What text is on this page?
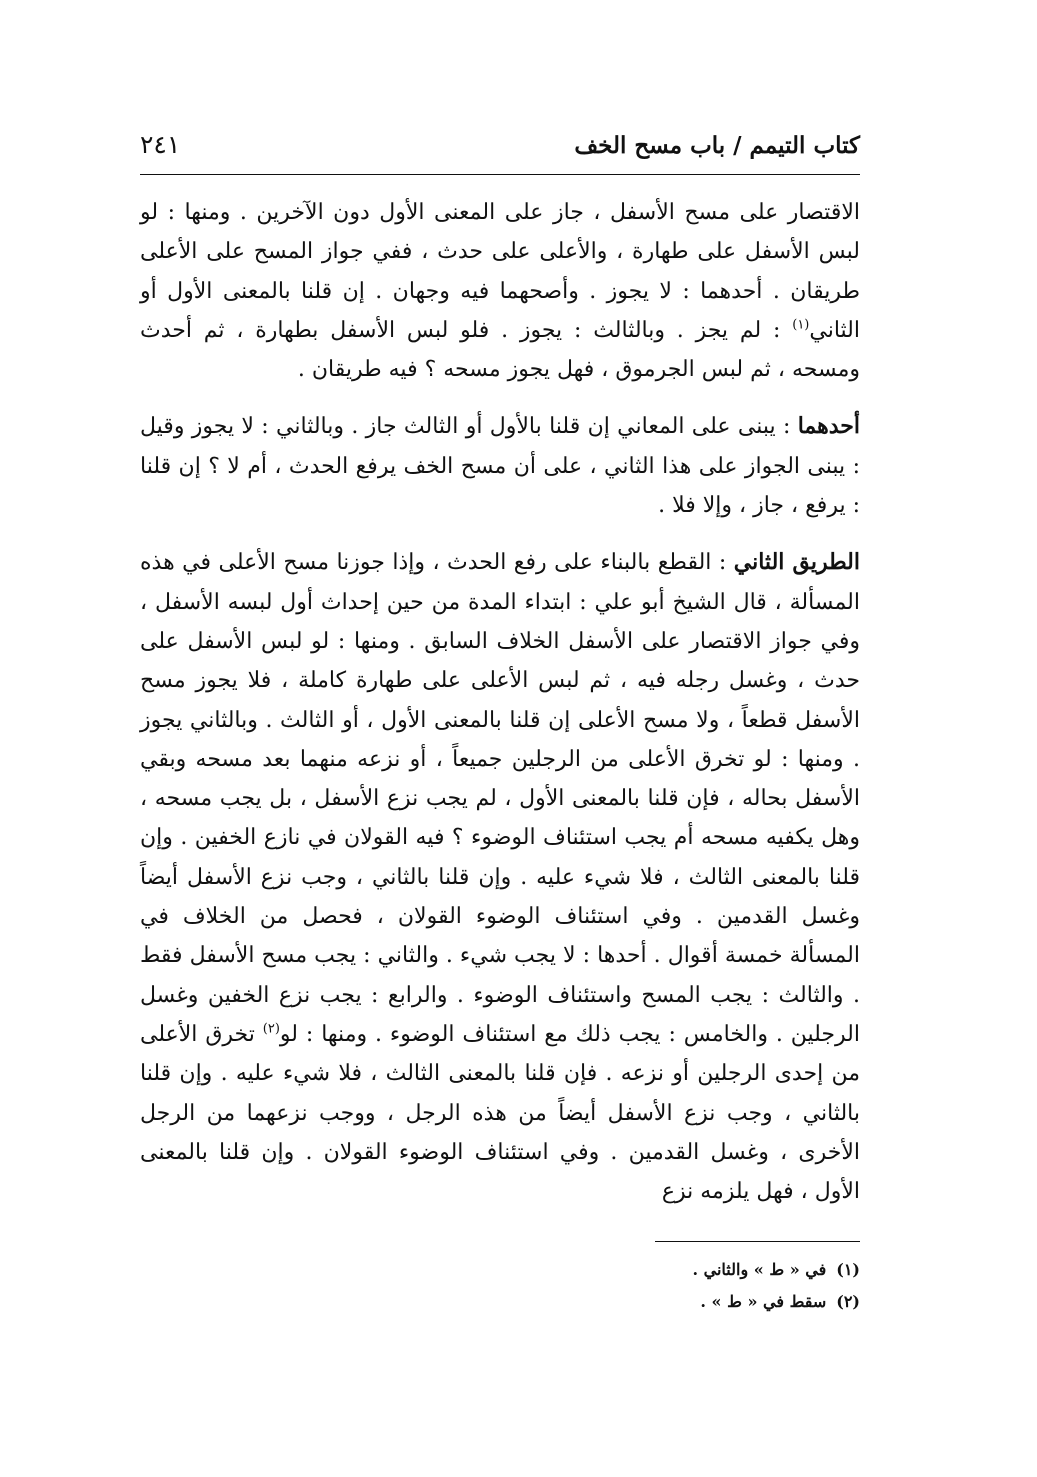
كتاب التيمم / باب مسح الخف
٢٤١

الاقتصار على مسح الأسفل ، جاز على المعنى الأول دون الآخرين . ومنها : لو لبس الأسفل على طهارة ، والأعلى على حدث ، ففي جواز المسح على الأعلى طريقان . أحدهما : لا يجوز . وأصحهما فيه وجهان . إن قلنا بالمعنى الأول أو الثاني$^{(١)}$ : لم يجز . وبالثالث : يجوز . فلو لبس الأسفل بطهارة ، ثم أحدث ومسحه ، ثم لبس الجرموق ، فهل يجوز مسحه ؟ فيه طريقان .

أحدهما : يبنى على المعاني إن قلنا بالأول أو الثالث جاز . وبالثاني : لا يجوز وقيل : يبنى الجواز على هذا الثاني ، على أن مسح الخف يرفع الحدث ، أم لا ؟ إن قلنا : يرفع ، جاز ، وإلا فلا .

الطريق الثاني : القطع بالبناء على رفع الحدث ، وإذا جوزنا مسح الأعلى في هذه المسألة ، قال الشيخ أبو علي : ابتداء المدة من حين إحداث أول لبسه الأسفل ، وفي جواز الاقتصار على الأسفل الخلاف السابق . ومنها : لو لبس الأسفل على حدث ، وغسل رجله فيه ، ثم لبس الأعلى على طهارة كاملة ، فلا يجوز مسح الأسفل قطعاً ، ولا مسح الأعلى إن قلنا بالمعنى الأول ، أو الثالث . وبالثاني يجوز . ومنها : لو تخرق الأعلى من الرجلين جميعاً ، أو نزعه منهما بعد مسحه وبقي الأسفل بحاله ، فإن قلنا بالمعنى الأول ، لم يجب نزع الأسفل ، بل يجب مسحه ، وهل يكفيه مسحه أم يجب استئناف الوضوء ؟ فيه القولان في نازع الخفين . وإن قلنا بالمعنى الثالث ، فلا شيء عليه . وإن قلنا بالثاني ، وجب نزع الأسفل أيضاً وغسل القدمين . وفي استئناف الوضوء القولان ، فحصل من الخلاف في المسألة خمسة أقوال . أحدها : لا يجب شيء . والثاني : يجب مسح الأسفل فقط . والثالث : يجب المسح واستئناف الوضوء . والرابع : يجب نزع الخفين وغسل الرجلين . والخامس : يجب ذلك مع استئناف الوضوء . ومنها : لو$^{(٢)}$ تخرق الأعلى من إحدى الرجلين أو نزعه . فإن قلنا بالمعنى الثالث ، فلا شيء عليه . وإن قلنا بالثاني ، وجب نزع الأسفل أيضاً من هذه الرجل ، ووجب نزعهما من الرجل الأخرى ، وغسل القدمين . وفي استئناف الوضوء القولان . وإن قلنا بالمعنى الأول ، فهل يلزمه نزع

(١)في « ط » والثاني .

(٢)سقط في « ط » .
